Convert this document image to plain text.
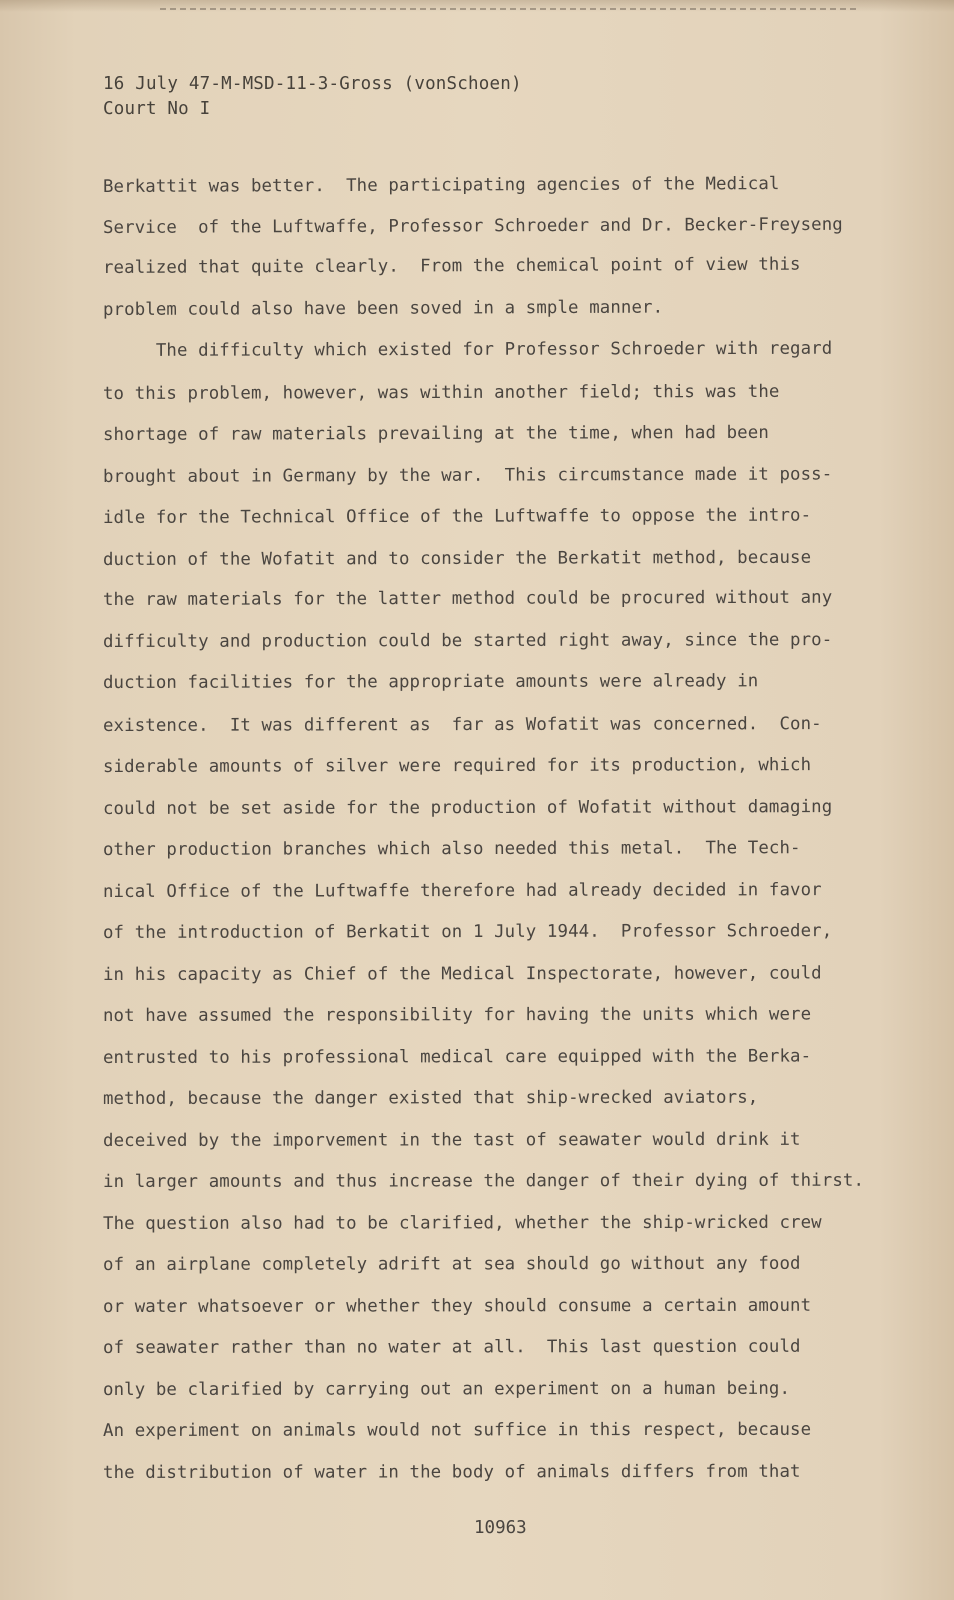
16 July 47-M-MSD-11-3-Gross (vonSchoen)
Court No I
Berkattit was better.  The participating agencies of the Medical
Service  of the Luftwaffe, Professor Schroeder and Dr. Becker-Freyseng
realized that quite clearly.  From the chemical point of view this
problem could also have been soved in a smple manner.
The difficulty which existed for Professor Schroeder with regard
to this problem, however, was within another field; this was the
shortage of raw materials prevailing at the time, when had been
brought about in Germany by the war.  This circumstance made it poss-
idle for the Technical Office of the Luftwaffe to oppose the intro-
duction of the Wofatit and to consider the Berkatit method, because
the raw materials for the latter method could be procured without any
difficulty and production could be started right away, since the pro-
duction facilities for the appropriate amounts were already in
existence.  It was different as  far as Wofatit was concerned.  Con-
siderable amounts of silver were required for its production, which
could not be set aside for the production of Wofatit without damaging
other production branches which also needed this metal.  The Tech-
nical Office of the Luftwaffe therefore had already decided in favor
of the introduction of Berkatit on 1 July 1944.  Professor Schroeder,
in his capacity as Chief of the Medical Inspectorate, however, could
not have assumed the responsibility for having the units which were
entrusted to his professional medical care equipped with the Berka-
method, because the danger existed that ship-wrecked aviators,
deceived by the imporvement in the tast of seawater would drink it
in larger amounts and thus increase the danger of their dying of thirst.
The question also had to be clarified, whether the ship-wricked crew
of an airplane completely adrift at sea should go without any food
or water whatsoever or whether they should consume a certain amount
of seawater rather than no water at all.  This last question could
only be clarified by carrying out an experiment on a human being.
An experiment on animals would not suffice in this respect, because
the distribution of water in the body of animals differs from that
10963
